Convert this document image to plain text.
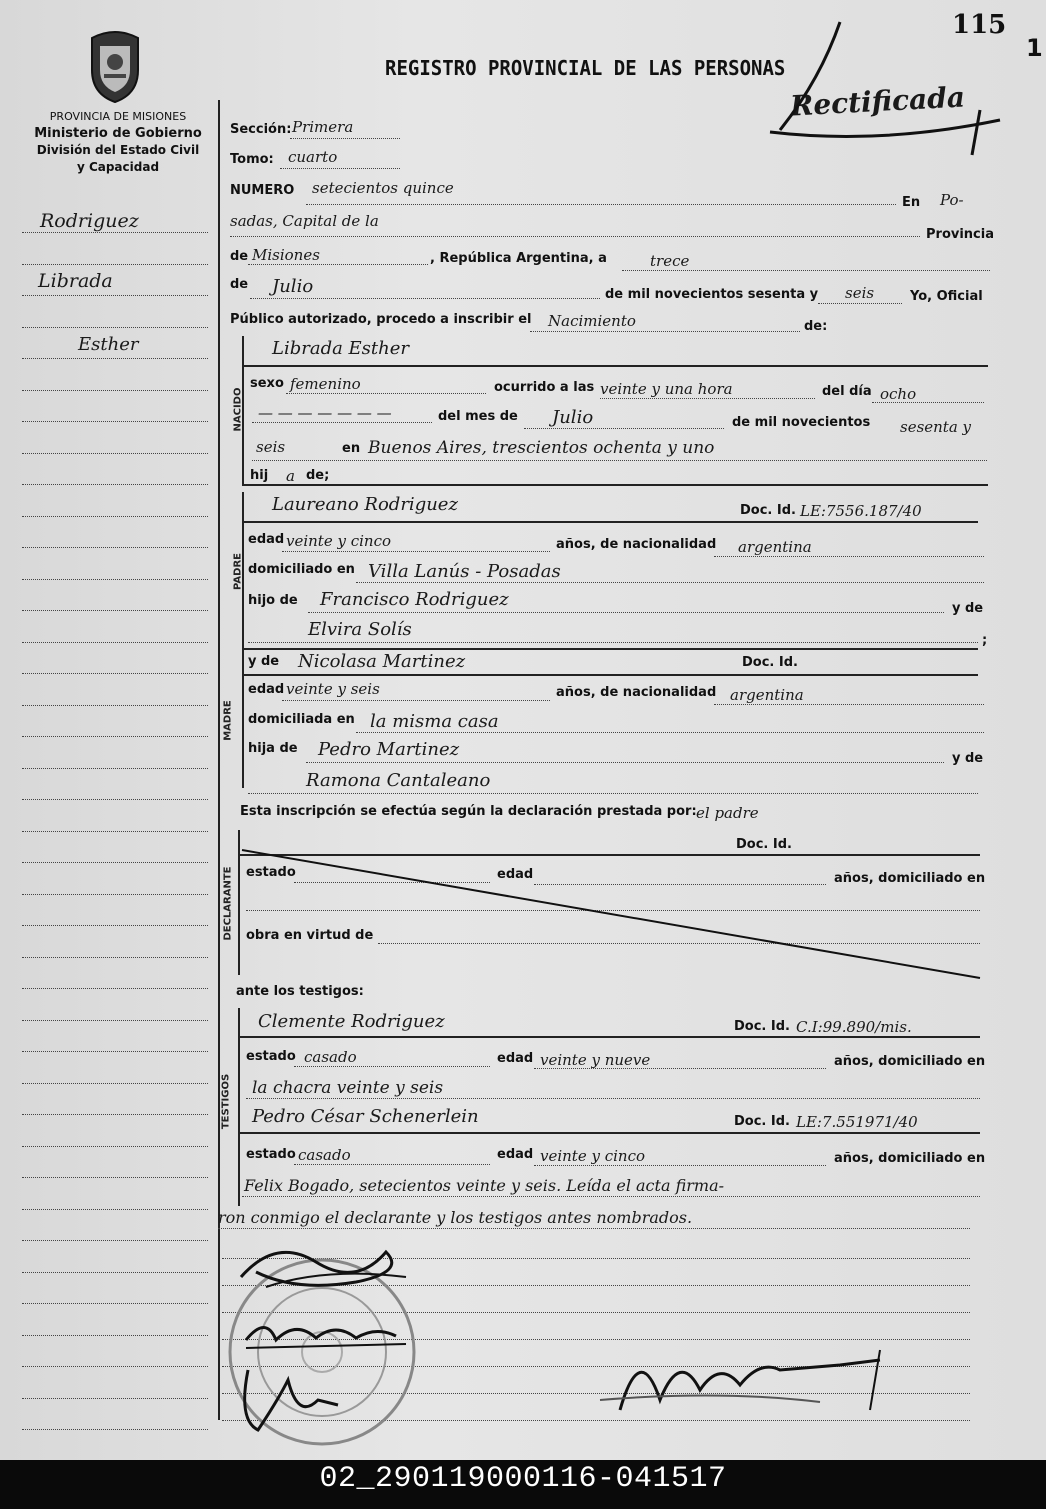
115
1
PROVINCIA DE MISIONES
Ministerio de Gobierno
División del Estado Civil
y Capacidad
REGISTRO PROVINCIAL DE LAS PERSONAS
Rectificada
Rodriguez
Libradа
Esther
Sección: Primera
Tomo: cuarto
NUMERO setecientos quince
En Po-
sadas, Capital de la
Provincia
de Misiones	, República Argentina, a	trece
de Julio	de mil novecientos sesenta y seis	Yo, Oficial
Público autorizado, procedo a inscribir el Nacimiento	de:
NACIDO
Librada Esther
sexo femenino	ocurrido a las veinte y una hora	del día ocho
— — — — — — —	del mes de Julio	de mil novecientos sesenta y
seis	en Buenos Aires, trescientos ochenta y uno
hij a de;
PADRE
Laureano Rodriguez	Doc. Id. LE:7556.187/40
edad veinte y cinco	años, de nacionalidad argentina
domiciliado en Villa Lanús - Posadas
hijo de Francisco Rodriguez	y de
Elvira Solís
;
MADRE
y de Nicolasa Martinez	Doc. Id.
edad veinte y seis	años, de nacionalidad argentina
domiciliada en la misma casa
hija de Pedro Martinez	y de
Ramona Cantaleano
Esta inscripción se efectúa según la declaración prestada por: el padre
Doc. Id.
DECLARANTE estado	edad	años, domiciliado en
obra en virtud de
ante los testigos:
TESTIGOS
Clemente Rodriguez	Doc. Id. C.I:99.890/mis.
estado casado	edad veinte y nueve	años, domiciliado en
la chacra veinte y seis
Pedro César Schenerlein	Doc. Id. LE:7.551971/40
estado casado	edad veinte y cinco	años, domiciliado en
Felix Bogado, setecientos veinte y seis. Leída el acta firma-
ron conmigo el declarante y los testigos antes nombrados.
02_290119000116-041517
